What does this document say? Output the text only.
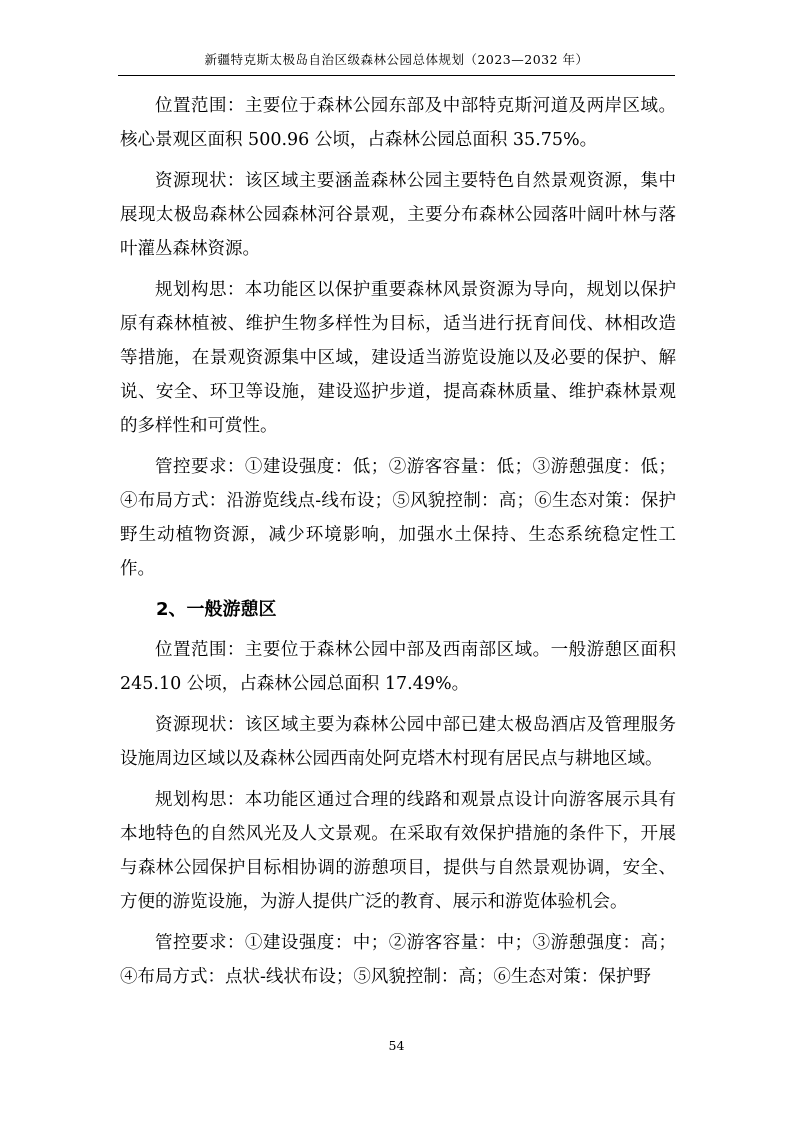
新疆特克斯太极岛自治区级森林公园总体规划（2023—2032 年）

位置范围：主要位于森林公园东部及中部特克斯河道及两岸区域。核心景观区面积 500.96 公顷，占森林公园总面积 35.75%。

资源现状：该区域主要涵盖森林公园主要特色自然景观资源，集中展现太极岛森林公园森林河谷景观，主要分布森林公园落叶阔叶林与落叶灌丛森林资源。

规划构思：本功能区以保护重要森林风景资源为导向，规划以保护原有森林植被、维护生物多样性为目标，适当进行抚育间伐、林相改造等措施，在景观资源集中区域，建设适当游览设施以及必要的保护、解说、安全、环卫等设施，建设巡护步道，提高森林质量、维护森林景观的多样性和可赏性。

管控要求：①建设强度：低；②游客容量：低；③游憩强度：低；④布局方式：沿游览线点-线布设；⑤风貌控制：高；⑥生态对策：保护野生动植物资源，减少环境影响，加强水土保持、生态系统稳定性工作。

2、一般游憩区

位置范围：主要位于森林公园中部及西南部区域。一般游憩区面积 245.10 公顷，占森林公园总面积 17.49%。

资源现状：该区域主要为森林公园中部已建太极岛酒店及管理服务设施周边区域以及森林公园西南处阿克塔木村现有居民点与耕地区域。

规划构思：本功能区通过合理的线路和观景点设计向游客展示具有本地特色的自然风光及人文景观。在采取有效保护措施的条件下，开展与森林公园保护目标相协调的游憩项目，提供与自然景观协调，安全、方便的游览设施，为游人提供广泛的教育、展示和游览体验机会。

管控要求：①建设强度：中；②游客容量：中；③游憩强度：高；④布局方式：点状-线状布设；⑤风貌控制：高；⑥生态对策：保护野

54
